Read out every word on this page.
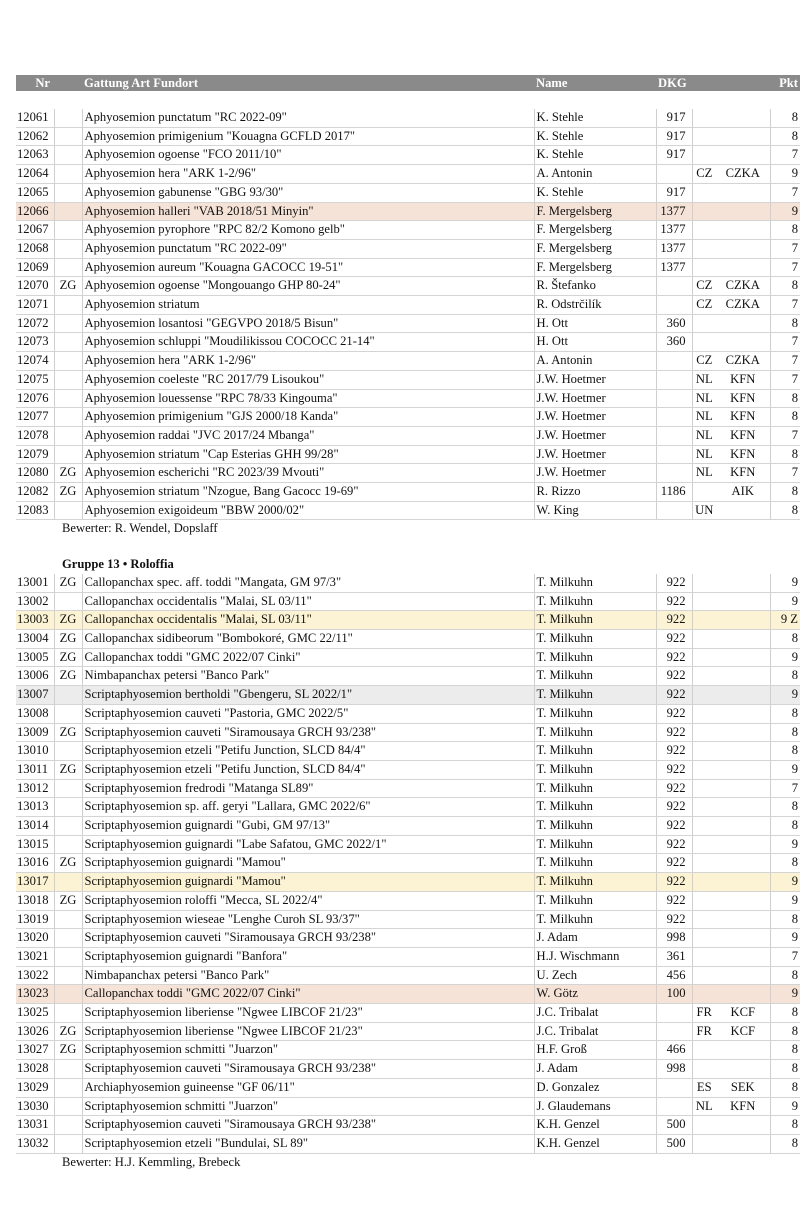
Nr		Gattung Art Fundort	Name	DKG			Pkt

12061		Aphyosemion punctatum "RC 2022-09"	K. Stehle	917			8
12062		Aphyosemion primigenium "Kouagna GCFLD 2017"	K. Stehle	917			8
12063		Aphyosemion ogoense "FCO 2011/10"	K. Stehle	917			7
12064		Aphyosemion hera "ARK 1-2/96"	A. Antonin		CZ	CZKA	9
12065		Aphyosemion gabunense "GBG 93/30"	K. Stehle	917			7
12066		Aphyosemion halleri "VAB 2018/51 Minyin"	F. Mergelsberg	1377			9
12067		Aphyosemion pyrophore "RPC 82/2 Komono gelb"	F. Mergelsberg	1377			8
12068		Aphyosemion punctatum "RC 2022-09"	F. Mergelsberg	1377			7
12069		Aphyosemion aureum "Kouagna GACOCC 19-51"	F. Mergelsberg	1377			7
12070	ZG	Aphyosemion ogoense "Mongouango GHP 80-24"	R. Štefanko		CZ	CZKA	8
12071		Aphyosemion striatum	R. Odstrčilík		CZ	CZKA	7
12072		Aphyosemion losantosi "GEGVPO 2018/5 Bisun"	H. Ott	360			8
12073		Aphyosemion schluppi "Moudilikissou COCOCC 21-14"	H. Ott	360			7
12074		Aphyosemion hera "ARK 1-2/96"	A. Antonin		CZ	CZKA	7
12075		Aphyosemion coeleste "RC 2017/79 Lisoukou"	J.W. Hoetmer		NL	KFN	7
12076		Aphyosemion louessense "RPC 78/33 Kingouma"	J.W. Hoetmer		NL	KFN	8
12077		Aphyosemion primigenium "GJS 2000/18 Kanda"	J.W. Hoetmer		NL	KFN	8
12078		Aphyosemion raddai "JVC 2017/24 Mbanga"	J.W. Hoetmer		NL	KFN	7
12079		Aphyosemion striatum "Cap Esterias GHH 99/28"	J.W. Hoetmer		NL	KFN	8
12080	ZG	Aphyosemion escherichi "RC 2023/39 Mvouti"	J.W. Hoetmer		NL	KFN	7
12082	ZG	Aphyosemion striatum "Nzogue, Bang Gacocc 19-69"	R. Rizzo	1186		AIK	8
12083		Aphyosemion exigoideum "BBW 2000/02"	W. King		UN		8
Bewerter: R. Wendel, Dopslaff							

Gruppe 13 • Roloffia							
13001	ZG	Callopanchax spec. aff. toddi "Mangata, GM 97/3"	T. Milkuhn	922			9
13002		Callopanchax occidentalis "Malai, SL 03/11"	T. Milkuhn	922			9
13003	ZG	Callopanchax occidentalis "Malai, SL 03/11"	T. Milkuhn	922			9 Z
13004	ZG	Callopanchax sidibeorum "Bombokoré, GMC 22/11"	T. Milkuhn	922			8
13005	ZG	Callopanchax toddi "GMC 2022/07 Cinki"	T. Milkuhn	922			9
13006	ZG	Nimbapanchax petersi "Banco Park"	T. Milkuhn	922			8
13007		Scriptaphyosemion bertholdi "Gbengeru, SL 2022/1"	T. Milkuhn	922			9
13008		Scriptaphyosemion cauveti "Pastoria, GMC 2022/5"	T. Milkuhn	922			8
13009	ZG	Scriptaphyosemion cauveti "Siramousaya GRCH 93/238"	T. Milkuhn	922			8
13010		Scriptaphyosemion etzeli "Petifu Junction, SLCD 84/4"	T. Milkuhn	922			8
13011	ZG	Scriptaphyosemion etzeli "Petifu Junction, SLCD 84/4"	T. Milkuhn	922			9
13012		Scriptaphyosemion fredrodi "Matanga SL89"	T. Milkuhn	922			7
13013		Scriptaphyosemion sp. aff. geryi "Lallara, GMC 2022/6"	T. Milkuhn	922			8
13014		Scriptaphyosemion guignardi "Gubi, GM 97/13"	T. Milkuhn	922			8
13015		Scriptaphyosemion guignardi "Labe Safatou, GMC 2022/1"	T. Milkuhn	922			9
13016	ZG	Scriptaphyosemion guignardi "Mamou"	T. Milkuhn	922			8
13017		Scriptaphyosemion guignardi "Mamou"	T. Milkuhn	922			9
13018	ZG	Scriptaphyosemion roloffi "Mecca, SL 2022/4"	T. Milkuhn	922			9
13019		Scriptaphyosemion wieseae "Lenghe Curoh SL 93/37"	T. Milkuhn	922			8
13020		Scriptaphyosemion cauveti "Siramousaya GRCH 93/238"	J. Adam	998			9
13021		Scriptaphyosemion guignardi "Banfora"	H.J. Wischmann	361			7
13022		Nimbapanchax petersi "Banco Park"	U. Zech	456			8
13023		Callopanchax toddi "GMC 2022/07 Cinki"	W. Götz	100			9
13025		Scriptaphyosemion liberiense "Ngwee LIBCOF 21/23"	J.C. Tribalat		FR	KCF	8
13026	ZG	Scriptaphyosemion liberiense "Ngwee LIBCOF 21/23"	J.C. Tribalat		FR	KCF	8
13027	ZG	Scriptaphyosemion schmitti "Juarzon"	H.F. Groß	466			8
13028		Scriptaphyosemion cauveti "Siramousaya GRCH 93/238"	J. Adam	998			8
13029		Archiaphyosemion guineense "GF 06/11"	D. Gonzalez		ES	SEK	8
13030		Scriptaphyosemion schmitti "Juarzon"	J. Glaudemans		NL	KFN	9
13031		Scriptaphyosemion cauveti "Siramousaya GRCH 93/238"	K.H. Genzel	500			8
13032		Scriptaphyosemion etzeli "Bundulai, SL 89"	K.H. Genzel	500			8
Bewerter: H.J. Kemmling, Brebeck							
